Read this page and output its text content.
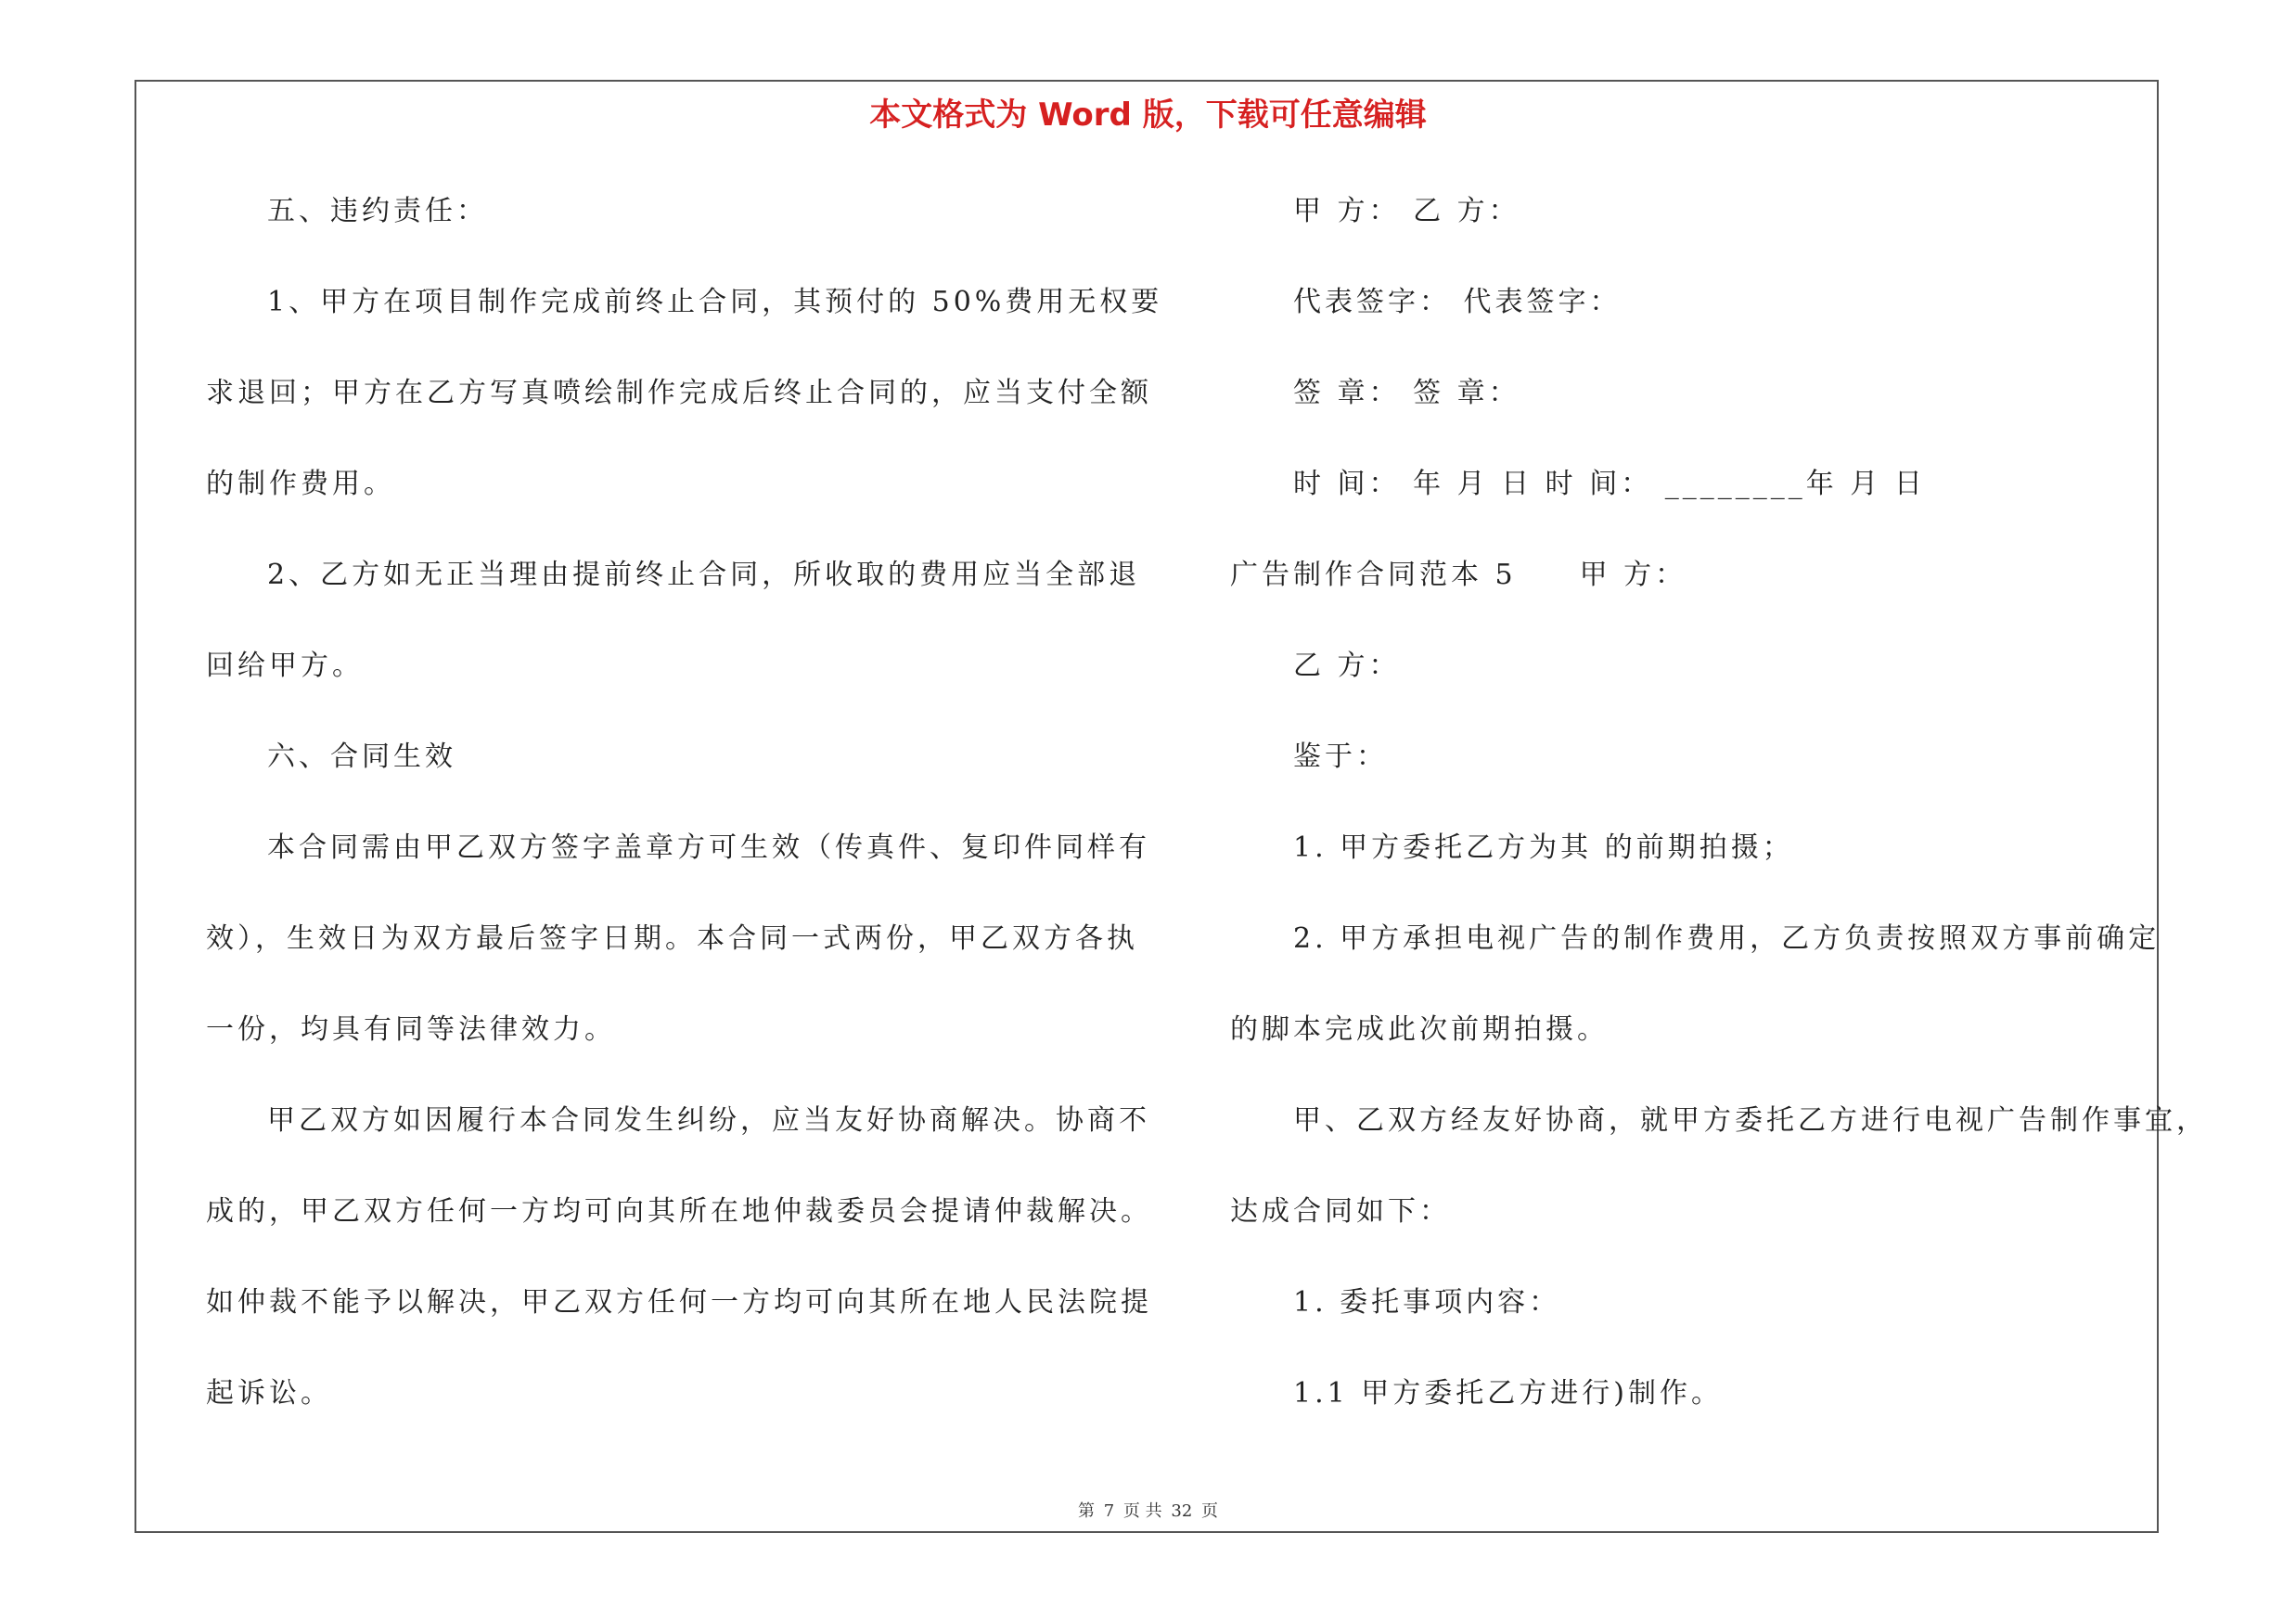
本文格式为 Word 版，下载可任意编辑
五、违约责任：
1、甲方在项目制作完成前终止合同，其预付的 50%费用无权要
求退回；甲方在乙方写真喷绘制作完成后终止合同的，应当支付全额
的制作费用。
2、乙方如无正当理由提前终止合同，所收取的费用应当全部退
回给甲方。
六、合同生效
本合同需由甲乙双方签字盖章方可生效（传真件、复印件同样有
效），生效日为双方最后签字日期。本合同一式两份，甲乙双方各执
一份，均具有同等法律效力。
甲乙双方如因履行本合同发生纠纷，应当友好协商解决。协商不
成的，甲乙双方任何一方均可向其所在地仲裁委员会提请仲裁解决。
如仲裁不能予以解决，甲乙双方任何一方均可向其所在地人民法院提
起诉讼。
甲 方： 乙 方：
代表签字： 代表签字：
签 章： 签 章：
时 间： 年 月 日 时 间： ________年 月 日
广告制作合同范本 5　　甲 方：
乙 方：
鉴于：
1. 甲方委托乙方为其 的前期拍摄；
2. 甲方承担电视广告的制作费用，乙方负责按照双方事前确定
的脚本完成此次前期拍摄。
甲、乙双方经友好协商，就甲方委托乙方进行电视广告制作事宜，
达成合同如下：
1. 委托事项内容：
1.1 甲方委托乙方进行)制作。
第 7 页 共 32 页
